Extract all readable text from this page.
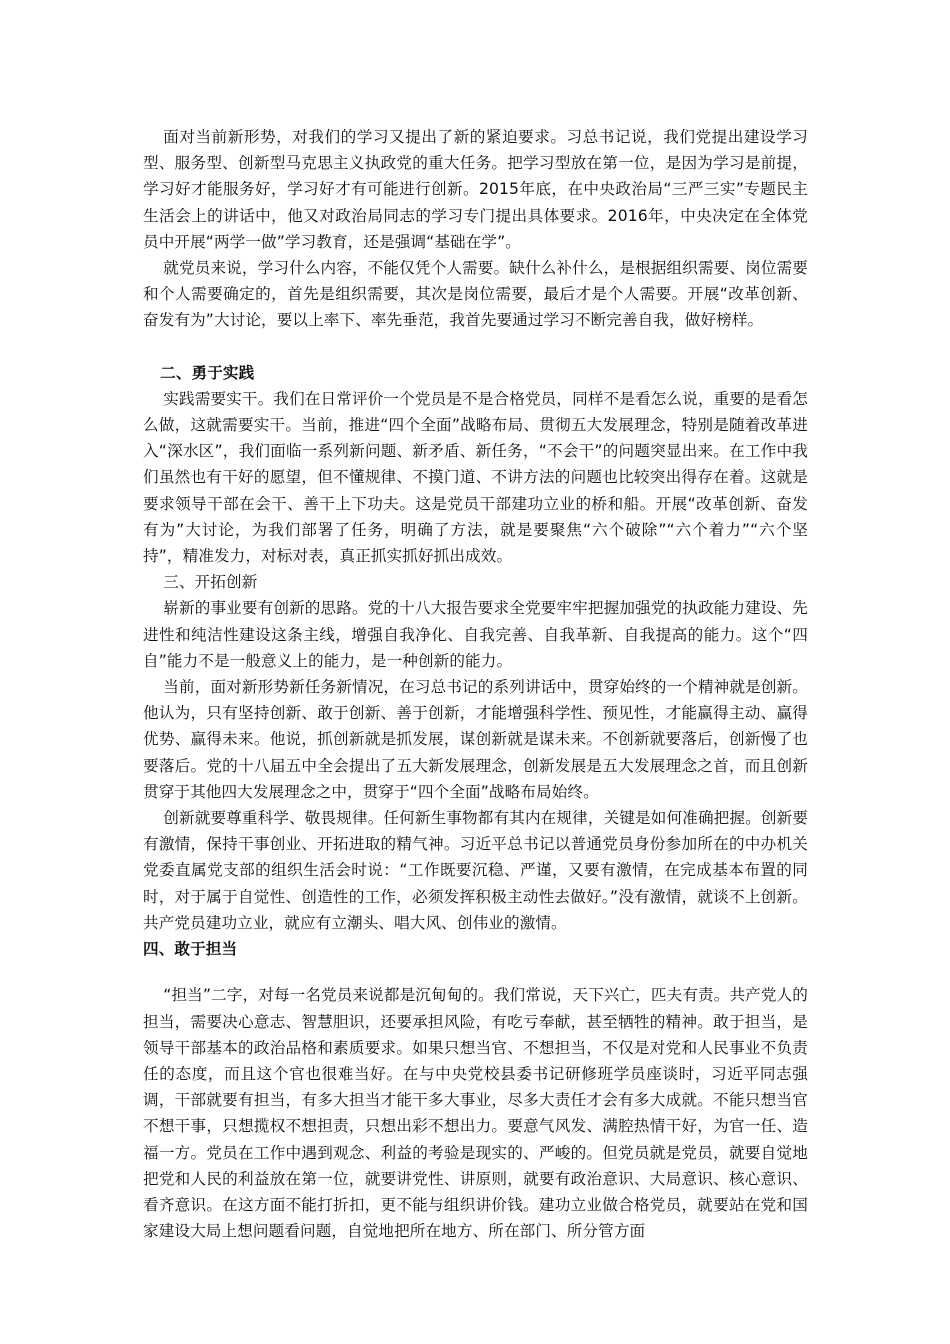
面对当前新形势，对我们的学习又提出了新的紧迫要求。习总书记说，我们党提出建设学习型、服务型、创新型马克思主义执政党的重大任务。把学习型放在第一位，是因为学习是前提，学习好才能服务好，学习好才有可能进行创新。2015年底，在中央政治局“三严三实”专题民主生活会上的讲话中，他又对政治局同志的学习专门提出具体要求。2016年，中央决定在全体党员中开展“两学一做”学习教育，还是强调“基础在学”。

就党员来说，学习什么内容，不能仅凭个人需要。缺什么补什么，是根据组织需要、岗位需要和个人需要确定的，首先是组织需要，其次是岗位需要，最后才是个人需要。开展“改革创新、奋发有为”大讨论，要以上率下、率先垂范，我首先要通过学习不断完善自我，做好榜样。

二、勇于实践

实践需要实干。我们在日常评价一个党员是不是合格党员，同样不是看怎么说，重要的是看怎么做，这就需要实干。当前，推进“四个全面”战略布局、贯彻五大发展理念，特别是随着改革进入“深水区”，我们面临一系列新问题、新矛盾、新任务，“不会干”的问题突显出来。在工作中我们虽然也有干好的愿望，但不懂规律、不摸门道、不讲方法的问题也比较突出得存在着。这就是要求领导干部在会干、善干上下功夫。这是党员干部建功立业的桥和船。开展“改革创新、奋发有为”大讨论，为我们部署了任务，明确了方法，就是要聚焦“六个破除”“六个着力”“六个坚持”，精准发力，对标对表，真正抓实抓好抓出成效。

三、开拓创新

崭新的事业要有创新的思路。党的十八大报告要求全党要牢牢把握加强党的执政能力建设、先进性和纯洁性建设这条主线，增强自我净化、自我完善、自我革新、自我提高的能力。这个“四自”能力不是一般意义上的能力，是一种创新的能力。

当前，面对新形势新任务新情况，在习总书记的系列讲话中，贯穿始终的一个精神就是创新。他认为，只有坚持创新、敢于创新、善于创新，才能增强科学性、预见性，才能赢得主动、赢得优势、赢得未来。他说，抓创新就是抓发展，谋创新就是谋未来。不创新就要落后，创新慢了也要落后。党的十八届五中全会提出了五大新发展理念，创新发展是五大发展理念之首，而且创新贯穿于其他四大发展理念之中，贯穿于“四个全面”战略布局始终。

创新就要尊重科学、敬畏规律。任何新生事物都有其内在规律，关键是如何准确把握。创新要有激情，保持干事创业、开拓进取的精气神。习近平总书记以普通党员身份参加所在的中办机关党委直属党支部的组织生活会时说：“工作既要沉稳、严谨，又要有激情，在完成基本布置的同时，对于属于自觉性、创造性的工作，必须发挥积极主动性去做好。”没有激情，就谈不上创新。共产党员建功立业，就应有立潮头、唱大风、创伟业的激情。

四、敢于担当

“担当”二字，对每一名党员来说都是沉甸甸的。我们常说，天下兴亡，匹夫有责。共产党人的担当，需要决心意志、智慧胆识，还要承担风险，有吃亏奉献，甚至牺牲的精神。敢于担当，是领导干部基本的政治品格和素质要求。如果只想当官、不想担当，不仅是对党和人民事业不负责任的态度，而且这个官也很难当好。在与中央党校县委书记研修班学员座谈时，习近平同志强调，干部就要有担当，有多大担当才能干多大事业，尽多大责任才会有多大成就。不能只想当官不想干事，只想揽权不想担责，只想出彩不想出力。要意气风发、满腔热情干好，为官一任、造福一方。党员在工作中遇到观念、利益的考验是现实的、严峻的。但党员就是党员，就要自觉地把党和人民的利益放在第一位，就要讲党性、讲原则，就要有政治意识、大局意识、核心意识、看齐意识。在这方面不能打折扣，更不能与组织讲价钱。建功立业做合格党员，就要站在党和国家建设大局上想问题看问题，自觉地把所在地方、所在部门、所分管方面
